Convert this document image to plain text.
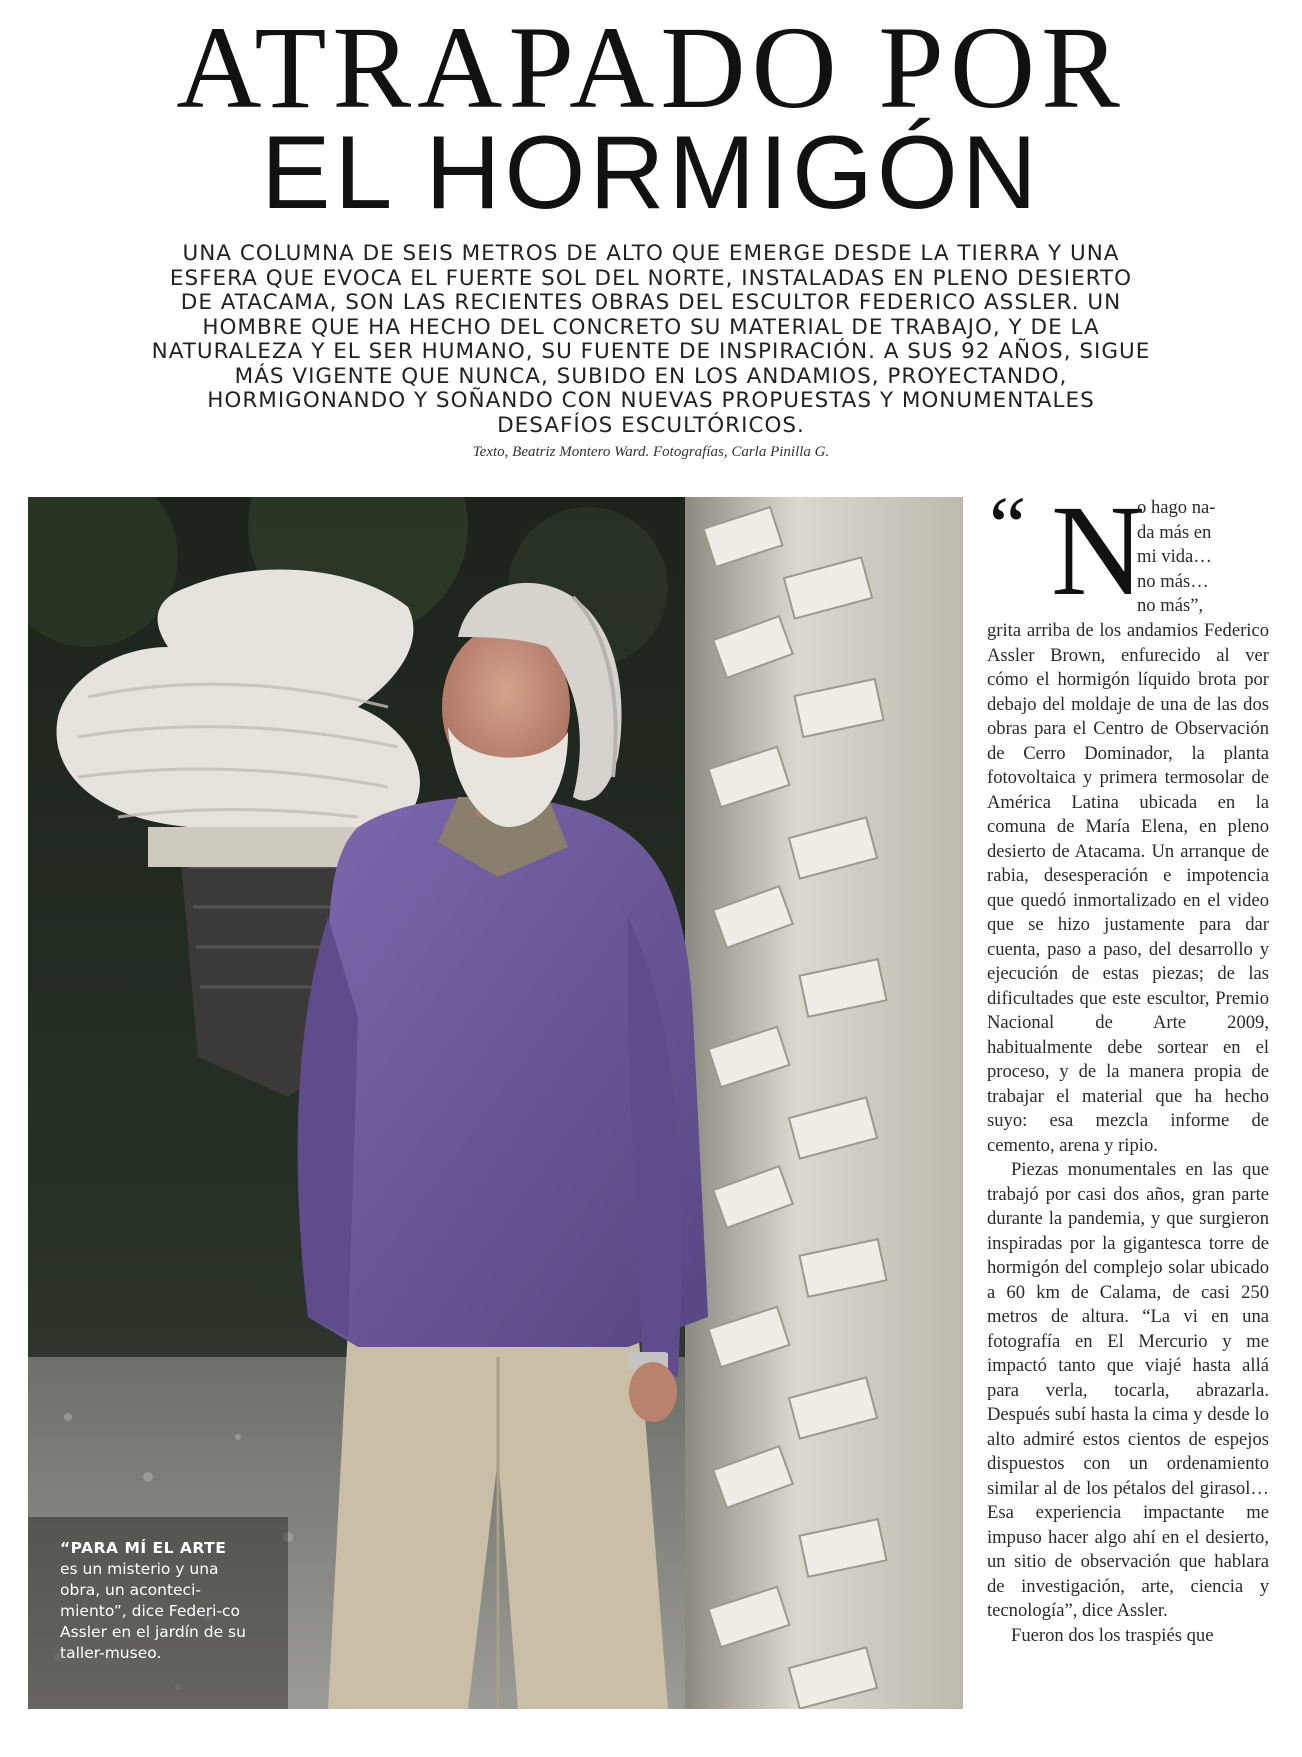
ATRAPADO POR
EL HORMIGÓN

UNA COLUMNA DE SEIS METROS DE ALTO QUE EMERGE DESDE LA TIERRA Y UNA ESFERA QUE EVOCA EL FUERTE SOL DEL NORTE, INSTALADAS EN PLENO DESIERTO DE ATACAMA, SON LAS RECIENTES OBRAS DEL ESCULTOR FEDERICO ASSLER. UN HOMBRE QUE HA HECHO DEL CONCRETO SU MATERIAL DE TRABAJO, Y DE LA NATURALEZA Y EL SER HUMANO, SU FUENTE DE INSPIRACIÓN. A SUS 92 AÑOS, SIGUE MÁS VIGENTE QUE NUNCA, SUBIDO EN LOS ANDAMIOS, PROYECTANDO, HORMIGONANDO Y SOÑANDO CON NUEVAS PROPUESTAS Y MONUMENTALES DESAFÍOS ESCULTÓRICOS.

Texto, Beatriz Montero Ward. Fotografías, Carla Pinilla G.
“PARA MÍ EL ARTE
es un misterio y una obra, un aconteci-miento”, dice Federi-co Assler en el jardín de su taller-museo.
“ N
o hago na-
da más en
mi vida…
no más…
no más”,

grita arriba de los andamios Federico Assler Brown, enfurecido al ver cómo el hormigón líquido brota por debajo del moldaje de una de las dos obras para el Centro de Observación de Cerro Dominador, la planta fotovoltaica y primera termosolar de América Latina ubicada en la comuna de María Elena, en pleno desierto de Atacama. Un arranque de rabia, desesperación e impotencia que quedó inmortalizado en el video que se hizo justamente para dar cuenta, paso a paso, del desarrollo y ejecución de estas piezas; de las dificultades que este escultor, Premio Nacional de Arte 2009, habitualmente debe sortear en el proceso, y de la manera propia de trabajar el material que ha hecho suyo: esa mezcla informe de cemento, arena y ripio.

Piezas monumentales en las que trabajó por casi dos años, gran parte durante la pandemia, y que surgieron inspiradas por la gigantesca torre de hormigón del complejo solar ubicado a 60 km de Calama, de casi 250 metros de altura. “La vi en una fotografía en El Mercurio y me impactó tanto que viajé hasta allá para verla, tocarla, abrazarla. Después subí hasta la cima y desde lo alto admiré estos cientos de espejos dispuestos con un ordenamiento similar al de los pétalos del girasol… Esa experiencia impactante me impuso hacer algo ahí en el desierto, un sitio de observación que hablara de investigación, arte, ciencia y tecnología”, dice Assler.

Fueron dos los traspiés que
